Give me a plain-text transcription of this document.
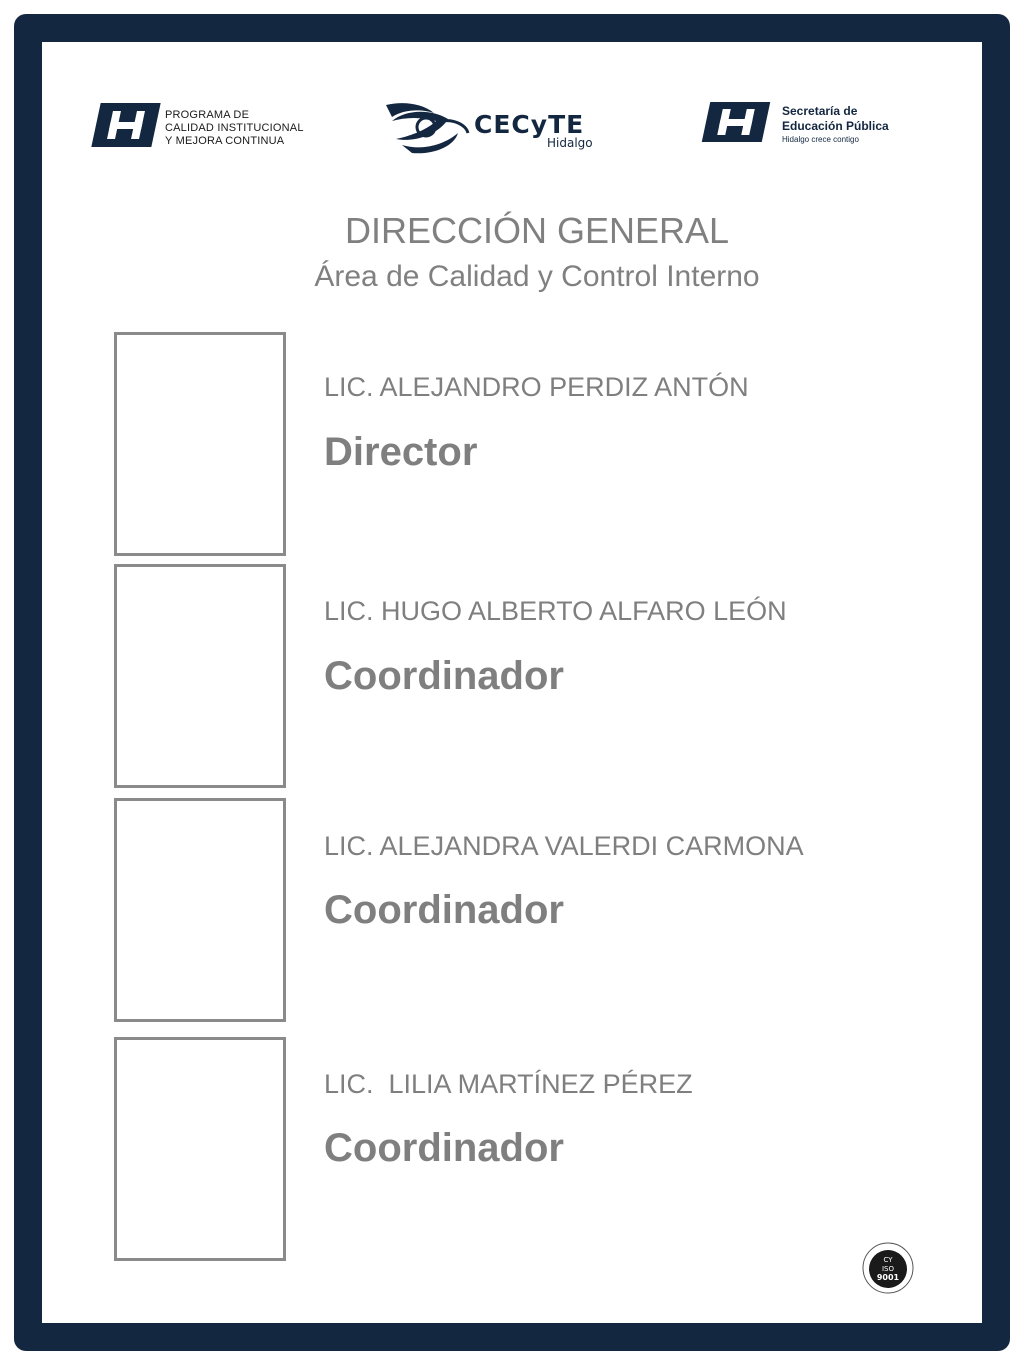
PROGRAMA DE
CALIDAD INSTITUCIONAL
Y MEJORA CONTINUA
CECyTE
Hidalgo
Secretaría de
Educación Pública
Hidalgo crece contigo
DIRECCIÓN GENERAL
Área de Calidad y Control Interno
LIC. ALEJANDRO PERDIZ ANTÓN
Director
LIC. HUGO ALBERTO ALFARO LEÓN
Coordinador
LIC. ALEJANDRA VALERDI CARMONA
Coordinador
LIC.  LILIA MARTÍNEZ PÉREZ
Coordinador
CY
ISO
9001
